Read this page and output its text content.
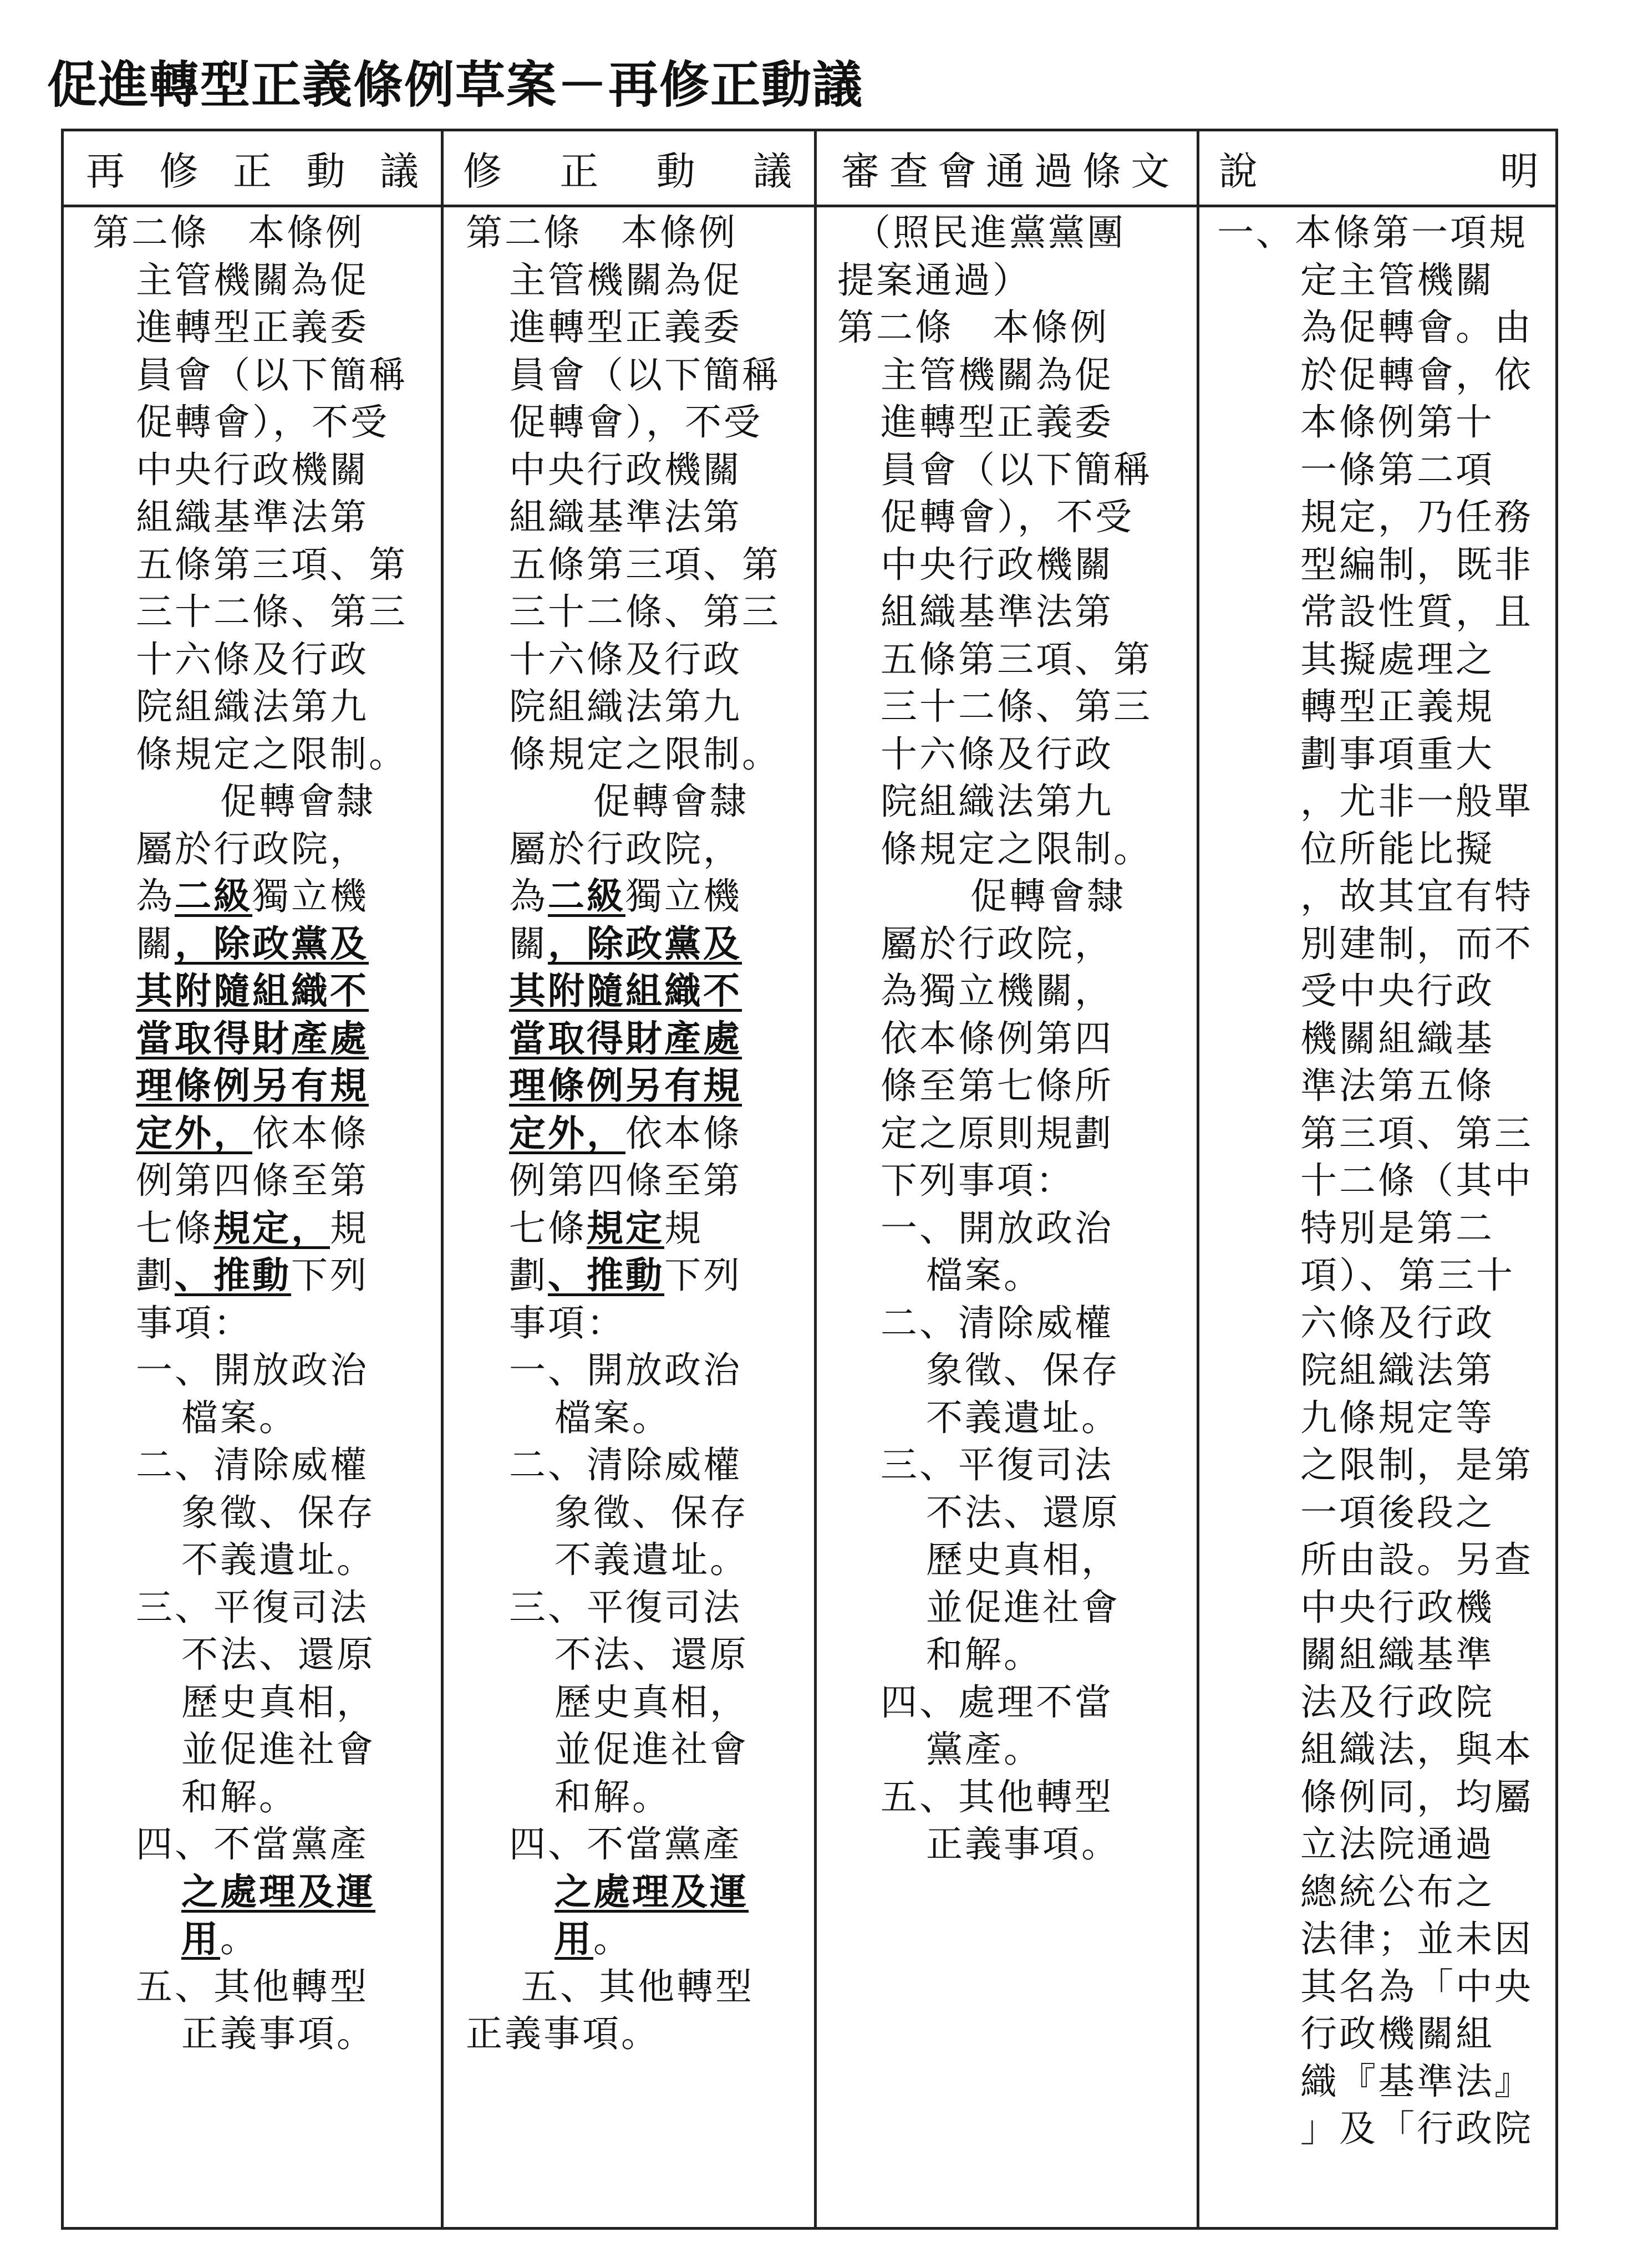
促進轉型正義條例草案－再修正動議
再 修 正 動 議 修 正 動 議 審 查 會 通 過 條 文 說	明
第二條　本條例
主管機關為促
進轉型正義委
員會（以下簡稱
促轉會），不受
中央行政機關
組織基準法第
五條第三項、第
三十二條、第三
十六條及行政
院組織法第九
條規定之限制。
促轉會隸
屬於行政院，
為二級獨立機
關，除政黨及
其附隨組織不
當取得財產處
理條例另有規
定外，依本條
例第四條至第
七條規定，規
劃、推動下列
事項：
一、開放政治
檔案。
二、清除威權
象徵、保存
不義遺址。
三、平復司法
不法、還原
歷史真相，
並促進社會
和解。
四、不當黨產
之處理及運
用。
五、其他轉型
正義事項。
第二條　本條例
主管機關為促
進轉型正義委
員會（以下簡稱
促轉會），不受
中央行政機關
組織基準法第
五條第三項、第
三十二條、第三
十六條及行政
院組織法第九
條規定之限制。
促轉會隸
屬於行政院，
為二級獨立機
關，除政黨及
其附隨組織不
當取得財產處
理條例另有規
定外，依本條
例第四條至第
七條規定規
劃、推動下列
事項：
一、開放政治
檔案。
二、清除威權
象徵、保存
不義遺址。
三、平復司法
不法、還原
歷史真相，
並促進社會
和解。
四、不當黨產
之處理及運
用。
五、其他轉型
正義事項。
（照民進黨黨團
提案通過）
第二條　本條例
主管機關為促
進轉型正義委
員會（以下簡稱
促轉會），不受
中央行政機關
組織基準法第
五條第三項、第
三十二條、第三
十六條及行政
院組織法第九
條規定之限制。
促轉會隸
屬於行政院，
為獨立機關，
依本條例第四
條至第七條所
定之原則規劃
下列事項：
一、開放政治
檔案。
二、清除威權
象徵、保存
不義遺址。
三、平復司法
不法、還原
歷史真相，
並促進社會
和解。
四、處理不當
黨產。
五、其他轉型
正義事項。
一、本條第一項規
定主管機關
為促轉會。由
於促轉會，依
本條例第十
一條第二項
規定，乃任務
型編制，既非
常設性質，且
其擬處理之
轉型正義規
劃事項重大
，尤非一般單
位所能比擬
，故其宜有特
別建制，而不
受中央行政
機關組織基
準法第五條
第三項、第三
十二條（其中
特別是第二
項）、第三十
六條及行政
院組織法第
九條規定等
之限制，是第
一項後段之
所由設。另查
中央行政機
關組織基準
法及行政院
組織法，與本
條例同，均屬
立法院通過
總統公布之
法律；並未因
其名為「中央
行政機關組
織『基準法』
」及「行政院
